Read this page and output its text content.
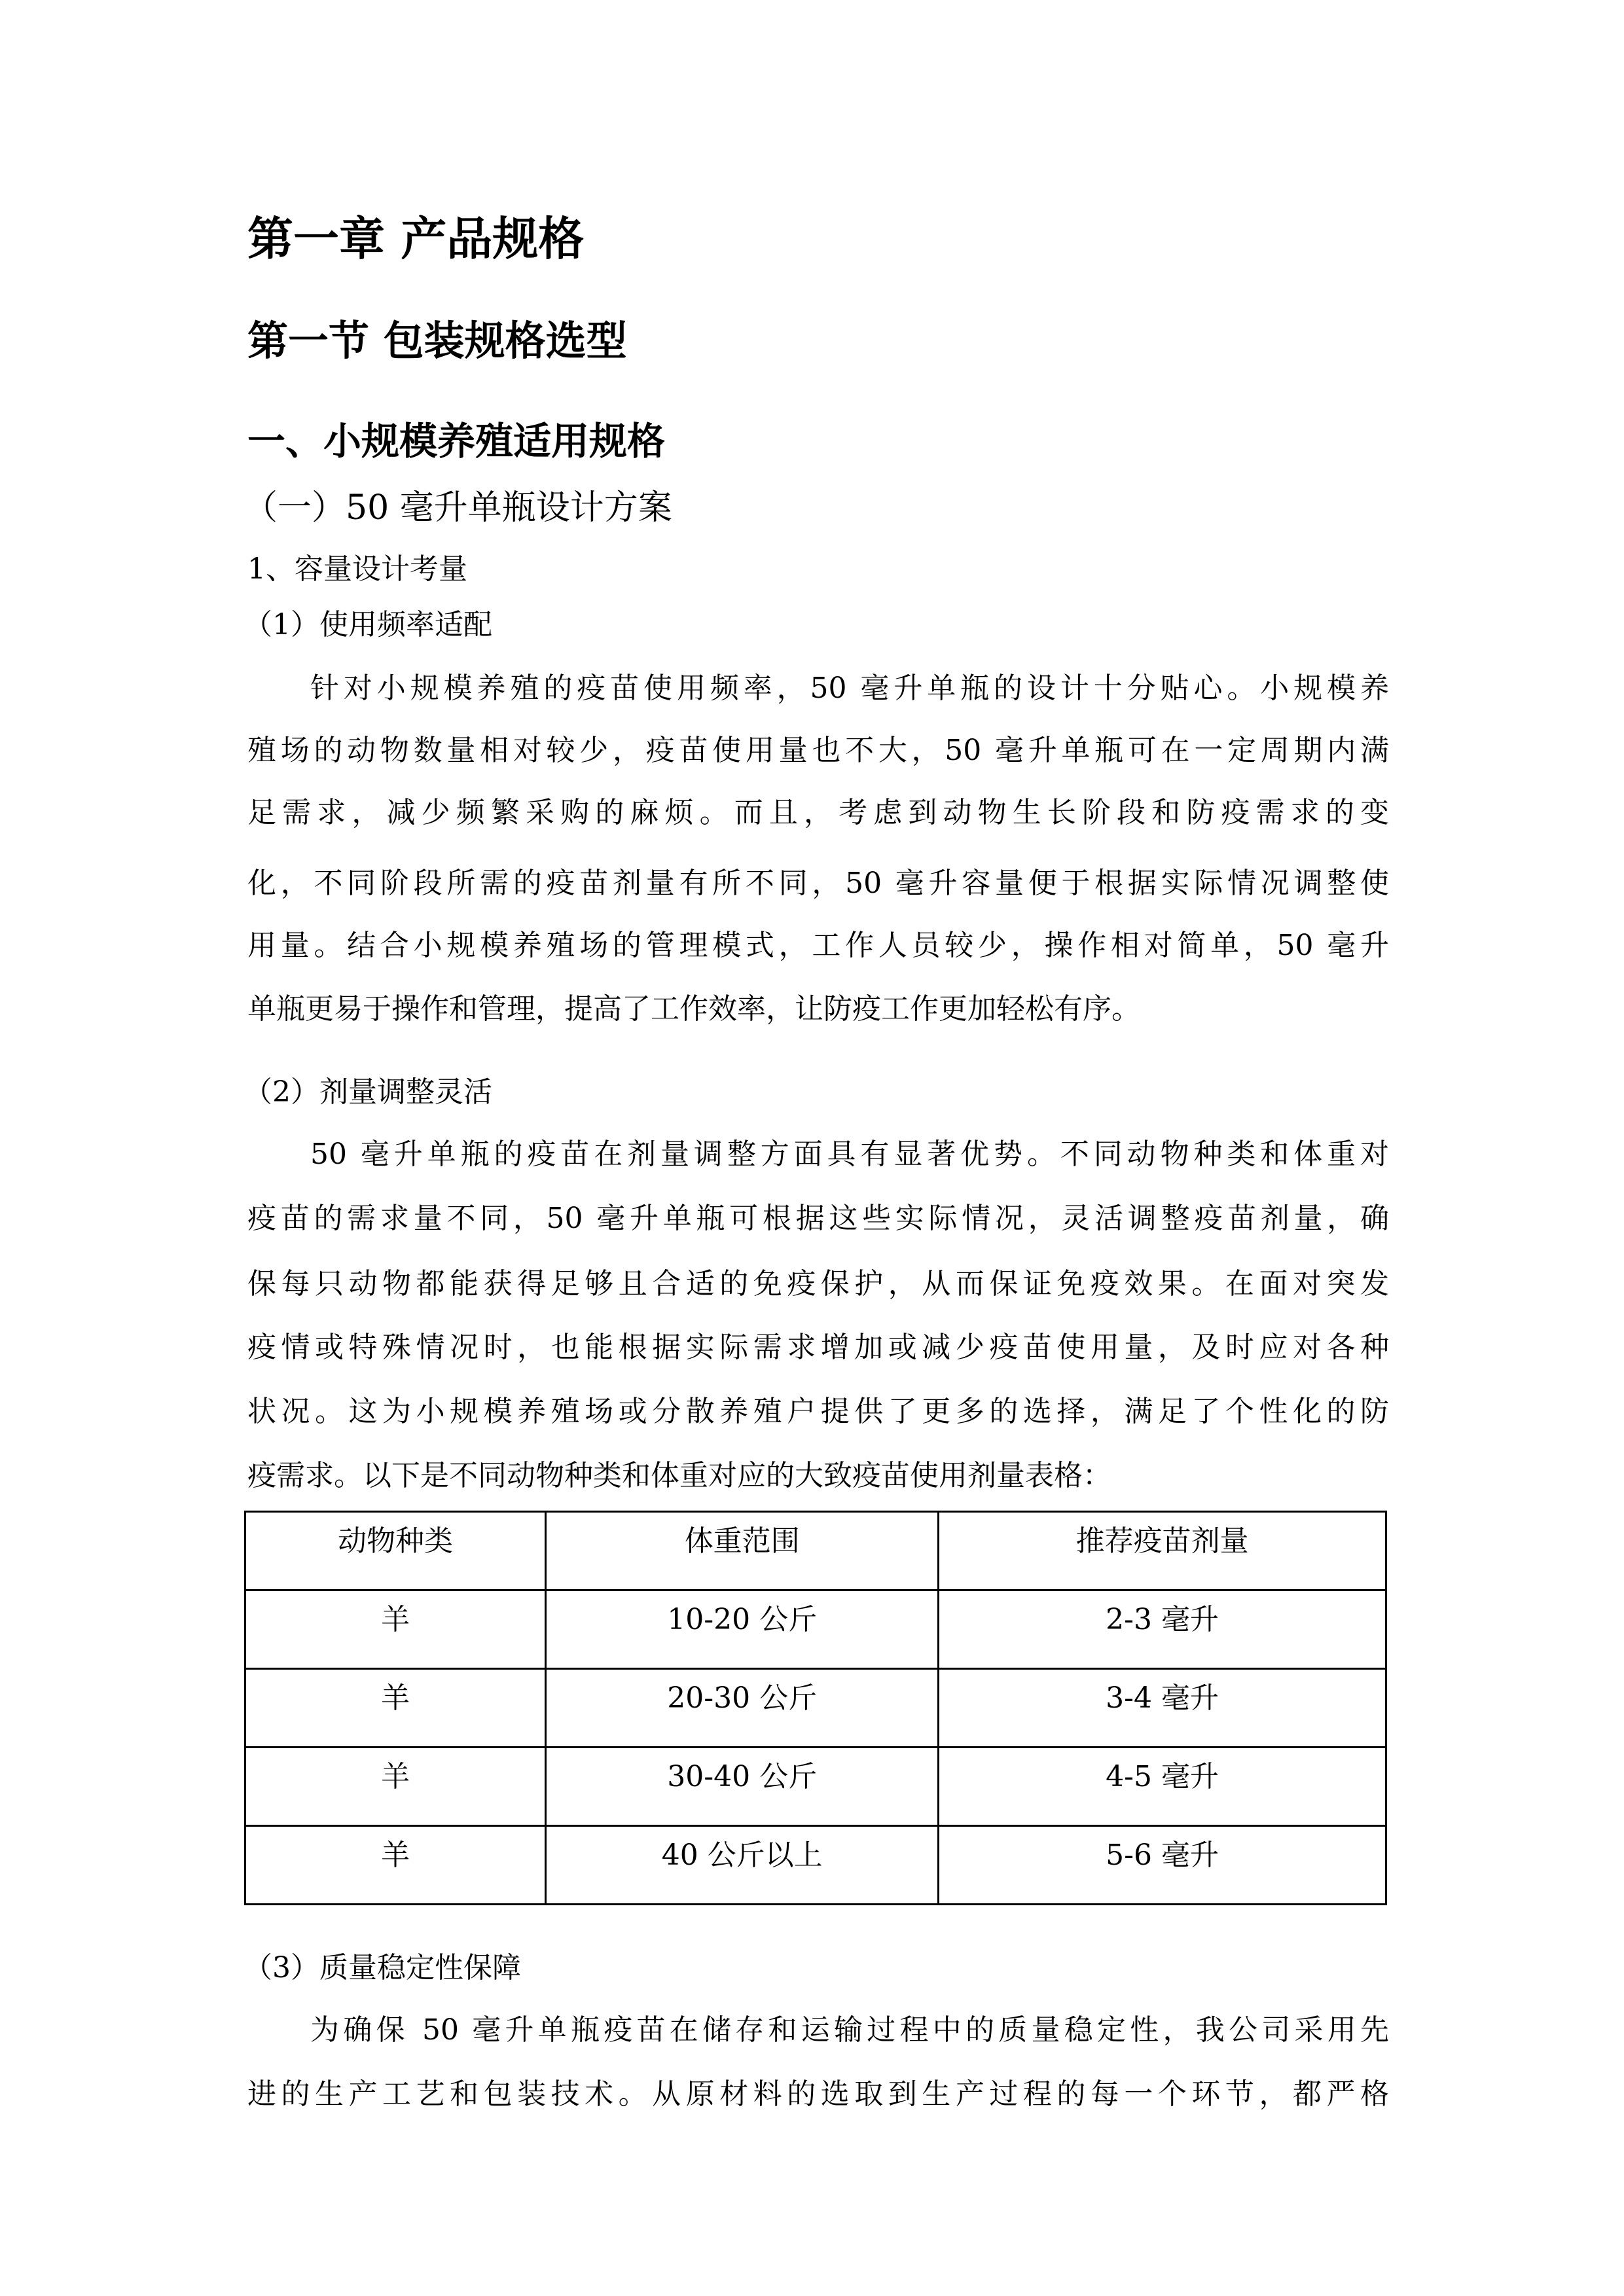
第一章 产品规格
第一节 包装规格选型
一、小规模养殖适用规格
（一）50 毫升单瓶设计方案
1、容量设计考量
（1）使用频率适配
针对小规模养殖的疫苗使用频率，50 毫升单瓶的设计十分贴心。小规模养
殖场的动物数量相对较少，疫苗使用量也不大，50 毫升单瓶可在一定周期内满
足需求，减少频繁采购的麻烦。而且，考虑到动物生长阶段和防疫需求的变
化，不同阶段所需的疫苗剂量有所不同，50 毫升容量便于根据实际情况调整使
用量。结合小规模养殖场的管理模式，工作人员较少，操作相对简单，50 毫升
单瓶更易于操作和管理，提高了工作效率，让防疫工作更加轻松有序。
（2）剂量调整灵活
50 毫升单瓶的疫苗在剂量调整方面具有显著优势。不同动物种类和体重对
疫苗的需求量不同，50 毫升单瓶可根据这些实际情况，灵活调整疫苗剂量，确
保每只动物都能获得足够且合适的免疫保护，从而保证免疫效果。在面对突发
疫情或特殊情况时，也能根据实际需求增加或减少疫苗使用量，及时应对各种
状况。这为小规模养殖场或分散养殖户提供了更多的选择，满足了个性化的防
疫需求。以下是不同动物种类和体重对应的大致疫苗使用剂量表格：
动物种类	体重范围	推荐疫苗剂量
羊	10-20 公斤	2-3 毫升
羊	20-30 公斤	3-4 毫升
羊	30-40 公斤	4-5 毫升
羊	40 公斤以上	5-6 毫升
（3）质量稳定性保障
为确保 50 毫升单瓶疫苗在储存和运输过程中的质量稳定性，我公司采用先
进的生产工艺和包装技术。从原材料的选取到生产过程的每一个环节，都严格
